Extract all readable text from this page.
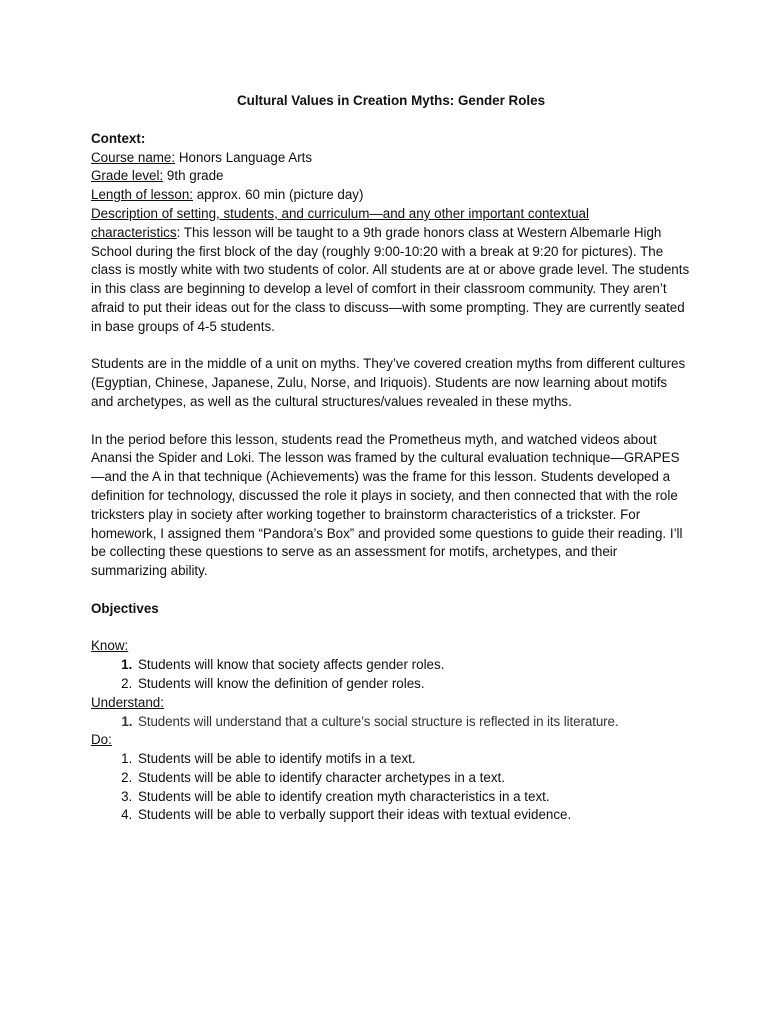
Cultural Values in Creation Myths: Gender Roles
Context:
Course name: Honors Language Arts
Grade level: 9th grade
Length of lesson: approx. 60 min (picture day)

Description of setting, students, and curriculum—and any other important contextual
characteristics: This lesson will be taught to a 9th grade honors class at Western Albemarle High School during the first block of the day (roughly 9:00-10:20 with a break at 9:20 for pictures). The class is mostly white with two students of color. All students are at or above grade level. The students in this class are beginning to develop a level of comfort in their classroom community. They aren’t afraid to put their ideas out for the class to discuss—with some prompting. They are currently seated in base groups of 4-5 students.

Students are in the middle of a unit on myths. They’ve covered creation myths from different cultures (Egyptian, Chinese, Japanese, Zulu, Norse, and Iriquois). Students are now learning about motifs and archetypes, as well as the cultural structures/values revealed in these myths.

In the period before this lesson, students read the Prometheus myth, and watched videos about Anansi the Spider and Loki. The lesson was framed by the cultural evaluation technique—GRAPES—and the A in that technique (Achievements) was the frame for this lesson. Students developed a definition for technology, discussed the role it plays in society, and then connected that with the role tricksters play in society after working together to brainstorm characteristics of a trickster. For homework, I assigned them “Pandora’s Box” and provided some questions to guide their reading. I’ll be collecting these questions to serve as an assessment for motifs, archetypes, and their summarizing ability.

Objectives
Know:
1. Students will know that society affects gender roles.
2. Students will know the definition of gender roles.
Understand:
1. Students will understand that a culture’s social structure is reflected in its literature.
Do:
1. Students will be able to identify motifs in a text.
2. Students will be able to identify character archetypes in a text.
3. Students will be able to identify creation myth characteristics in a text.
4. Students will be able to verbally support their ideas with textual evidence.
